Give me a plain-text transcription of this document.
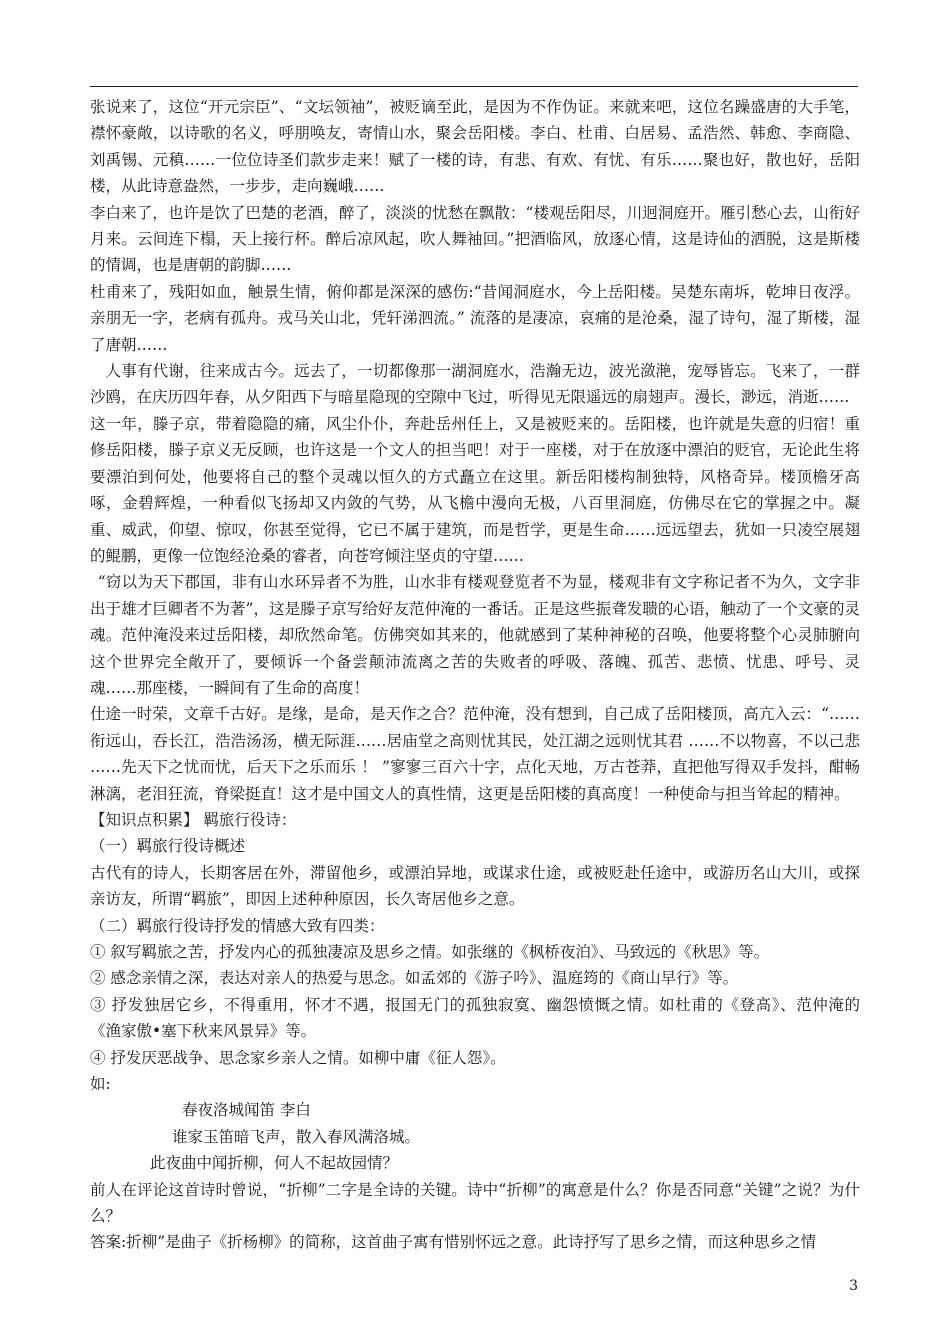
张说来了，这位“开元宗臣”、“文坛领袖”，被贬谪至此，是因为不作伪证。来就来吧，这位名躁盛唐的大手笔，襟怀豪敞，以诗歌的名义，呼朋唤友，寄情山水，聚会岳阳楼。李白、杜甫、白居易、孟浩然、韩愈、李商隐、刘禹锡、元稹……一位位诗圣们款步走来！赋了一楼的诗，有悲、有欢、有忧、有乐……聚也好，散也好，岳阳楼，从此诗意盎然，一步步，走向巍峨……

李白来了，也许是饮了巴楚的老酒，醉了，淡淡的忧愁在飘散：“楼观岳阳尽，川迥洞庭开。雁引愁心去，山衔好月来。云间连下榻，天上接行杯。醉后凉风起，吹人舞袖回。”把酒临风，放逐心情，这是诗仙的洒脱，这是斯楼的情调，也是唐朝的韵脚……

杜甫来了，残阳如血，触景生情，俯仰都是深深的感伤:“昔闻洞庭水，今上岳阳楼。吴楚东南坼，乾坤日夜浮。亲朋无一字，老病有孤舟。戎马关山北，凭轩涕泗流。” 流落的是凄凉，哀痛的是沧桑，湿了诗句，湿了斯楼，湿了唐朝……

人事有代谢，往来成古今。远去了，一切都像那一湖洞庭水，浩瀚无边，波光潋滟，宠辱皆忘。飞来了，一群沙鸥，在庆历四年春，从夕阳西下与暗星隐现的空隙中飞过，听得见无限遥远的扇翅声。漫长，渺远，消逝……

这一年，滕子京，带着隐隐的痛，风尘仆仆，奔赴岳州任上，又是被贬来的。岳阳楼，也许就是失意的归宿！重修岳阳楼，滕子京义无反顾，也许这是一个文人的担当吧！对于一座楼，对于在放逐中漂泊的贬官，无论此生将要漂泊到何处，他要将自己的整个灵魂以恒久的方式矗立在这里。新岳阳楼构制独特，风格奇异。楼顶檐牙高啄，金碧辉煌，一种看似飞扬却又内敛的气势，从飞檐中漫向无极，八百里洞庭，仿佛尽在它的掌握之中。凝重、威武，仰望、惊叹，你甚至觉得，它已不属于建筑，而是哲学，更是生命……远远望去，犹如一只凌空展翅的鲲鹏，更像一位饱经沧桑的睿者，向苍穹倾注坚贞的守望……

“窃以为天下郡国，非有山水环异者不为胜，山水非有楼观登览者不为显，楼观非有文字称记者不为久，文字非出于雄才巨卿者不为著”，这是滕子京写给好友范仲淹的一番话。正是这些振聋发聩的心语，触动了一个文豪的灵魂。范仲淹没来过岳阳楼，却欣然命笔。仿佛突如其来的，他就感到了某种神秘的召唤，他要将整个心灵肺腑向这个世界完全敞开了，要倾诉一个备尝颠沛流离之苦的失败者的呼吸、落魄、孤苦、悲愤、忧患、呼号、灵魂……那座楼，一瞬间有了生命的高度！

仕途一时荣，文章千古好。是缘，是命，是天作之合？范仲淹，没有想到，自己成了岳阳楼顶，高亢入云：“……衔远山，吞长江，浩浩汤汤，横无际涯……居庙堂之高则忧其民，处江湖之远则忧其君 ……不以物喜，不以己悲 ……先天下之忧而忧，后天下之乐而乐 ！ ”寥寥三百六十字，点化天地，万古苍莽，直把他写得双手发抖，酣畅淋漓，老泪狂流，脊梁挺直！这才是中国文人的真性情，这更是岳阳楼的真高度！一种使命与担当耸起的精神。

【知识点积累】 羁旅行役诗：

（一）羁旅行役诗概述

古代有的诗人，长期客居在外，滞留他乡，或漂泊异地，或谋求仕途，或被贬赴任途中，或游历名山大川，或探亲访友，所谓“羁旅”，即因上述种种原因，长久寄居他乡之意。

（二）羁旅行役诗抒发的情感大致有四类：

① 叙写羁旅之苦，抒发内心的孤独凄凉及思乡之情。如张继的《枫桥夜泊》、马致远的《秋思》等。

② 感念亲情之深，表达对亲人的热爱与思念。如孟郊的《游子吟》、温庭筠的《商山早行》等。

③ 抒发独居它乡，不得重用，怀才不遇，报国无门的孤独寂寞、幽怨愤慨之情。如杜甫的《登高》、范仲淹的《渔家傲•塞下秋来风景异》等。

④ 抒发厌恶战争、思念家乡亲人之情。如柳中庸《征人怨》。

如:

春夜洛城闻笛 李白

谁家玉笛暗飞声，散入春风满洛城。

此夜曲中闻折柳，何人不起故园情？

前人在评论这首诗时曾说，“折柳”二字是全诗的关键。诗中“折柳”的寓意是什么？你是否同意“关键”之说？为什么？

答案:折柳”是曲子《折杨柳》的简称，这首曲子寓有惜别怀远之意。此诗抒写了思乡之情，而这种思乡之情

3
